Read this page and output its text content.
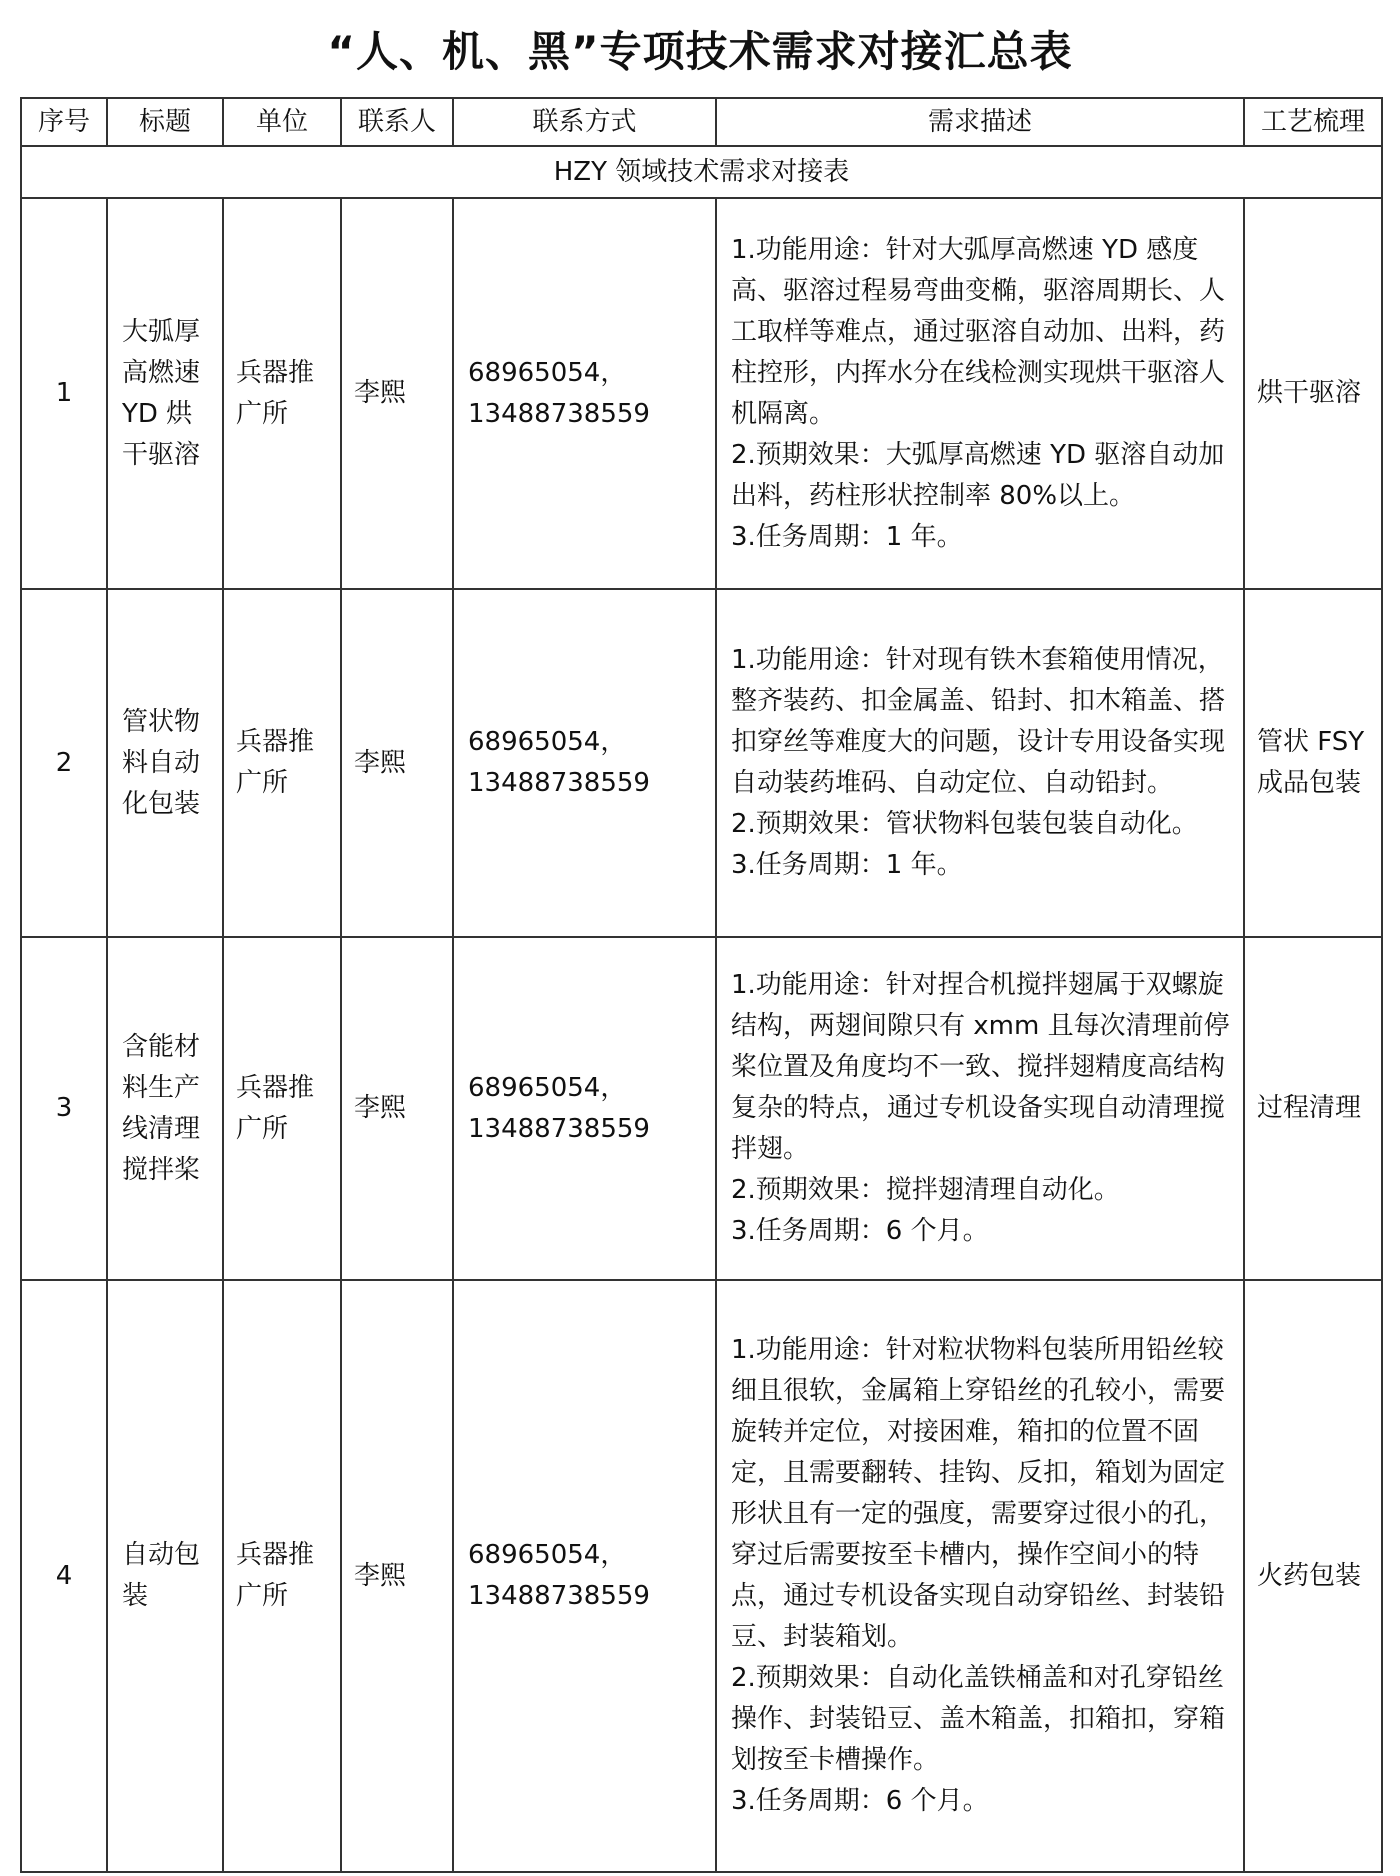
“人、机、黑”专项技术需求对接汇总表
序号	标题	单位	联系人	联系方式	需求描述	工艺梳理
HZY 领域技术需求对接表						
1	大弧厚高燃速 YD 烘干驱溶	兵器推广所	李熙	68965054，
13488738559	1.功能用途：针对大弧厚高燃速 YD 感度高、驱溶过程易弯曲变椭，驱溶周期长、人工取样等难点，通过驱溶自动加、出料，药柱控形，内挥水分在线检测实现烘干驱溶人机隔离。
2.预期效果：大弧厚高燃速 YD 驱溶自动加出料，药柱形状控制率 80%以上。
3.任务周期：1 年。	烘干驱溶
2	管状物料自动化包装	兵器推广所	李熙	68965054，
13488738559	1.功能用途：针对现有铁木套箱使用情况，整齐装药、扣金属盖、铅封、扣木箱盖、搭扣穿丝等难度大的问题，设计专用设备实现自动装药堆码、自动定位、自动铅封。
2.预期效果：管状物料包装包装自动化。
3.任务周期：1 年。	管状 FSY 成品包装
3	含能材料生产线清理搅拌桨	兵器推广所	李熙	68965054，
13488738559	1.功能用途：针对捏合机搅拌翅属于双螺旋结构，两翅间隙只有 xmm 且每次清理前停桨位置及角度均不一致、搅拌翅精度高结构复杂的特点，通过专机设备实现自动清理搅拌翅。
2.预期效果：搅拌翅清理自动化。
3.任务周期：6 个月。	过程清理
4	自动包装	兵器推广所	李熙	68965054，
13488738559	1.功能用途：针对粒状物料包装所用铅丝较细且很软，金属箱上穿铅丝的孔较小，需要旋转并定位，对接困难，箱扣的位置不固定，且需要翻转、挂钩、反扣，箱划为固定形状且有一定的强度，需要穿过很小的孔，穿过后需要按至卡槽内，操作空间小的特点，通过专机设备实现自动穿铅丝、封装铅豆、封装箱划。
2.预期效果：自动化盖铁桶盖和对孔穿铅丝操作、封装铅豆、盖木箱盖，扣箱扣，穿箱划按至卡槽操作。
3.任务周期：6 个月。	火药包装
